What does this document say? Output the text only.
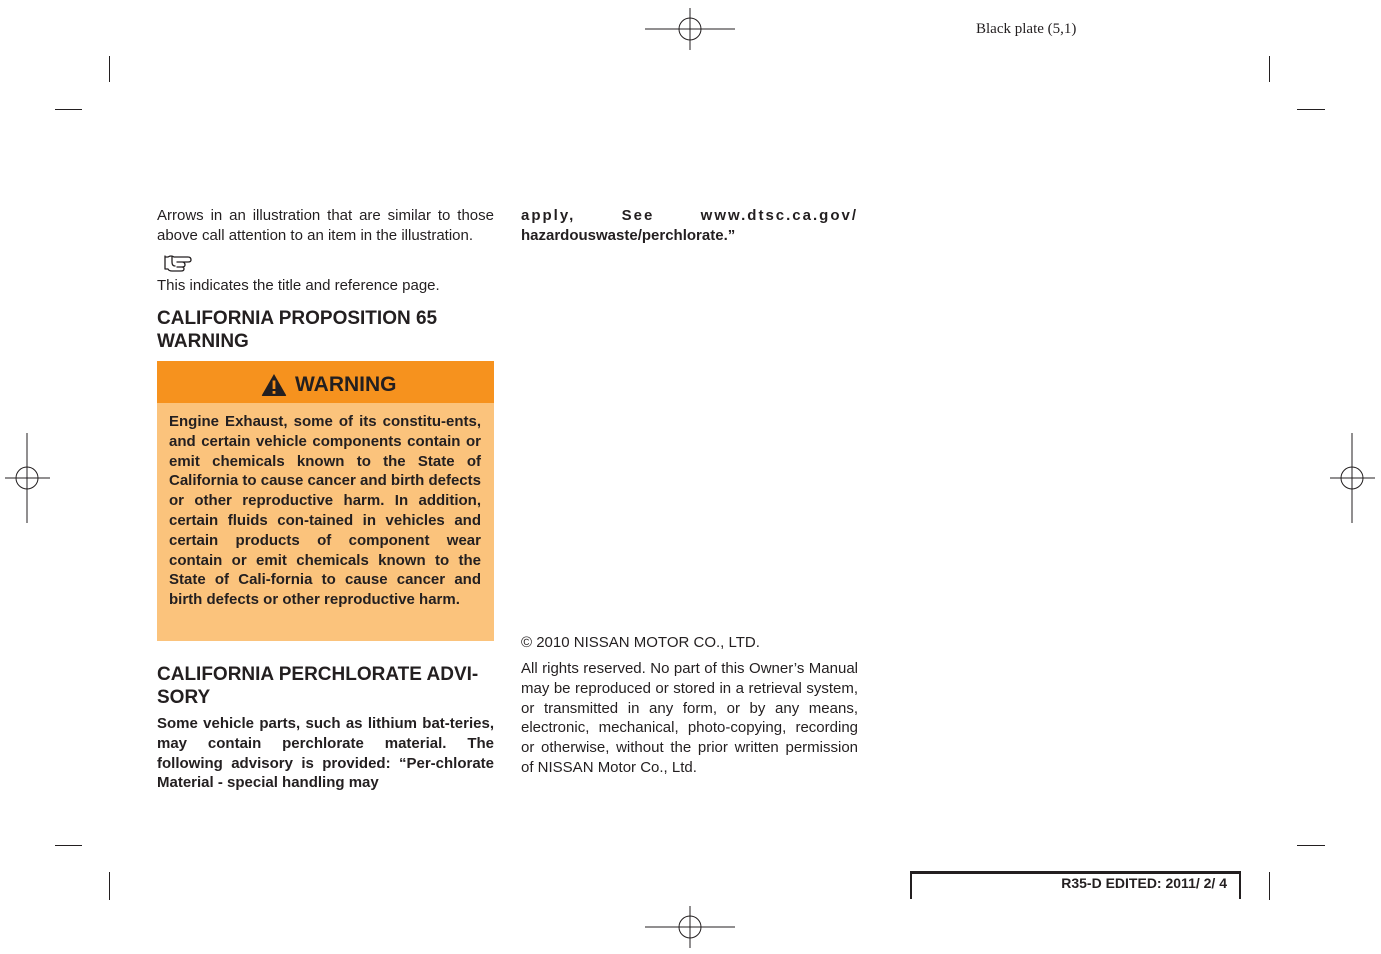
Black plate (5,1)
Arrows in an illustration that are similar to those above call attention to an item in the illustration.
This indicates the title and reference page.
CALIFORNIA PROPOSITION 65
WARNING
WARNING
Engine Exhaust, some of its constitu-ents, and certain vehicle components contain or emit chemicals known to the State of California to cause cancer and birth defects or other reproductive harm. In addition, certain fluids con-tained in vehicles and certain products of component wear contain or emit chemicals known to the State of Cali-fornia to cause cancer and birth defects or other reproductive harm.
CALIFORNIA PERCHLORATE ADVI-
SORY
Some vehicle parts, such as lithium bat-teries, may contain perchlorate material. The following advisory is provided: “Per-chlorate Material - special handling may
apply, See www.dtsc.ca.gov/
hazardouswaste/perchlorate.”
© 2010 NISSAN MOTOR CO., LTD.
All rights reserved. No part of this Owner’s Manual may be reproduced or stored in a retrieval system, or transmitted in any form, or by any means, electronic, mechanical, photo-copying, recording or otherwise, without the prior written permission of NISSAN Motor Co., Ltd.
R35-D EDITED: 2011/ 2/ 4
